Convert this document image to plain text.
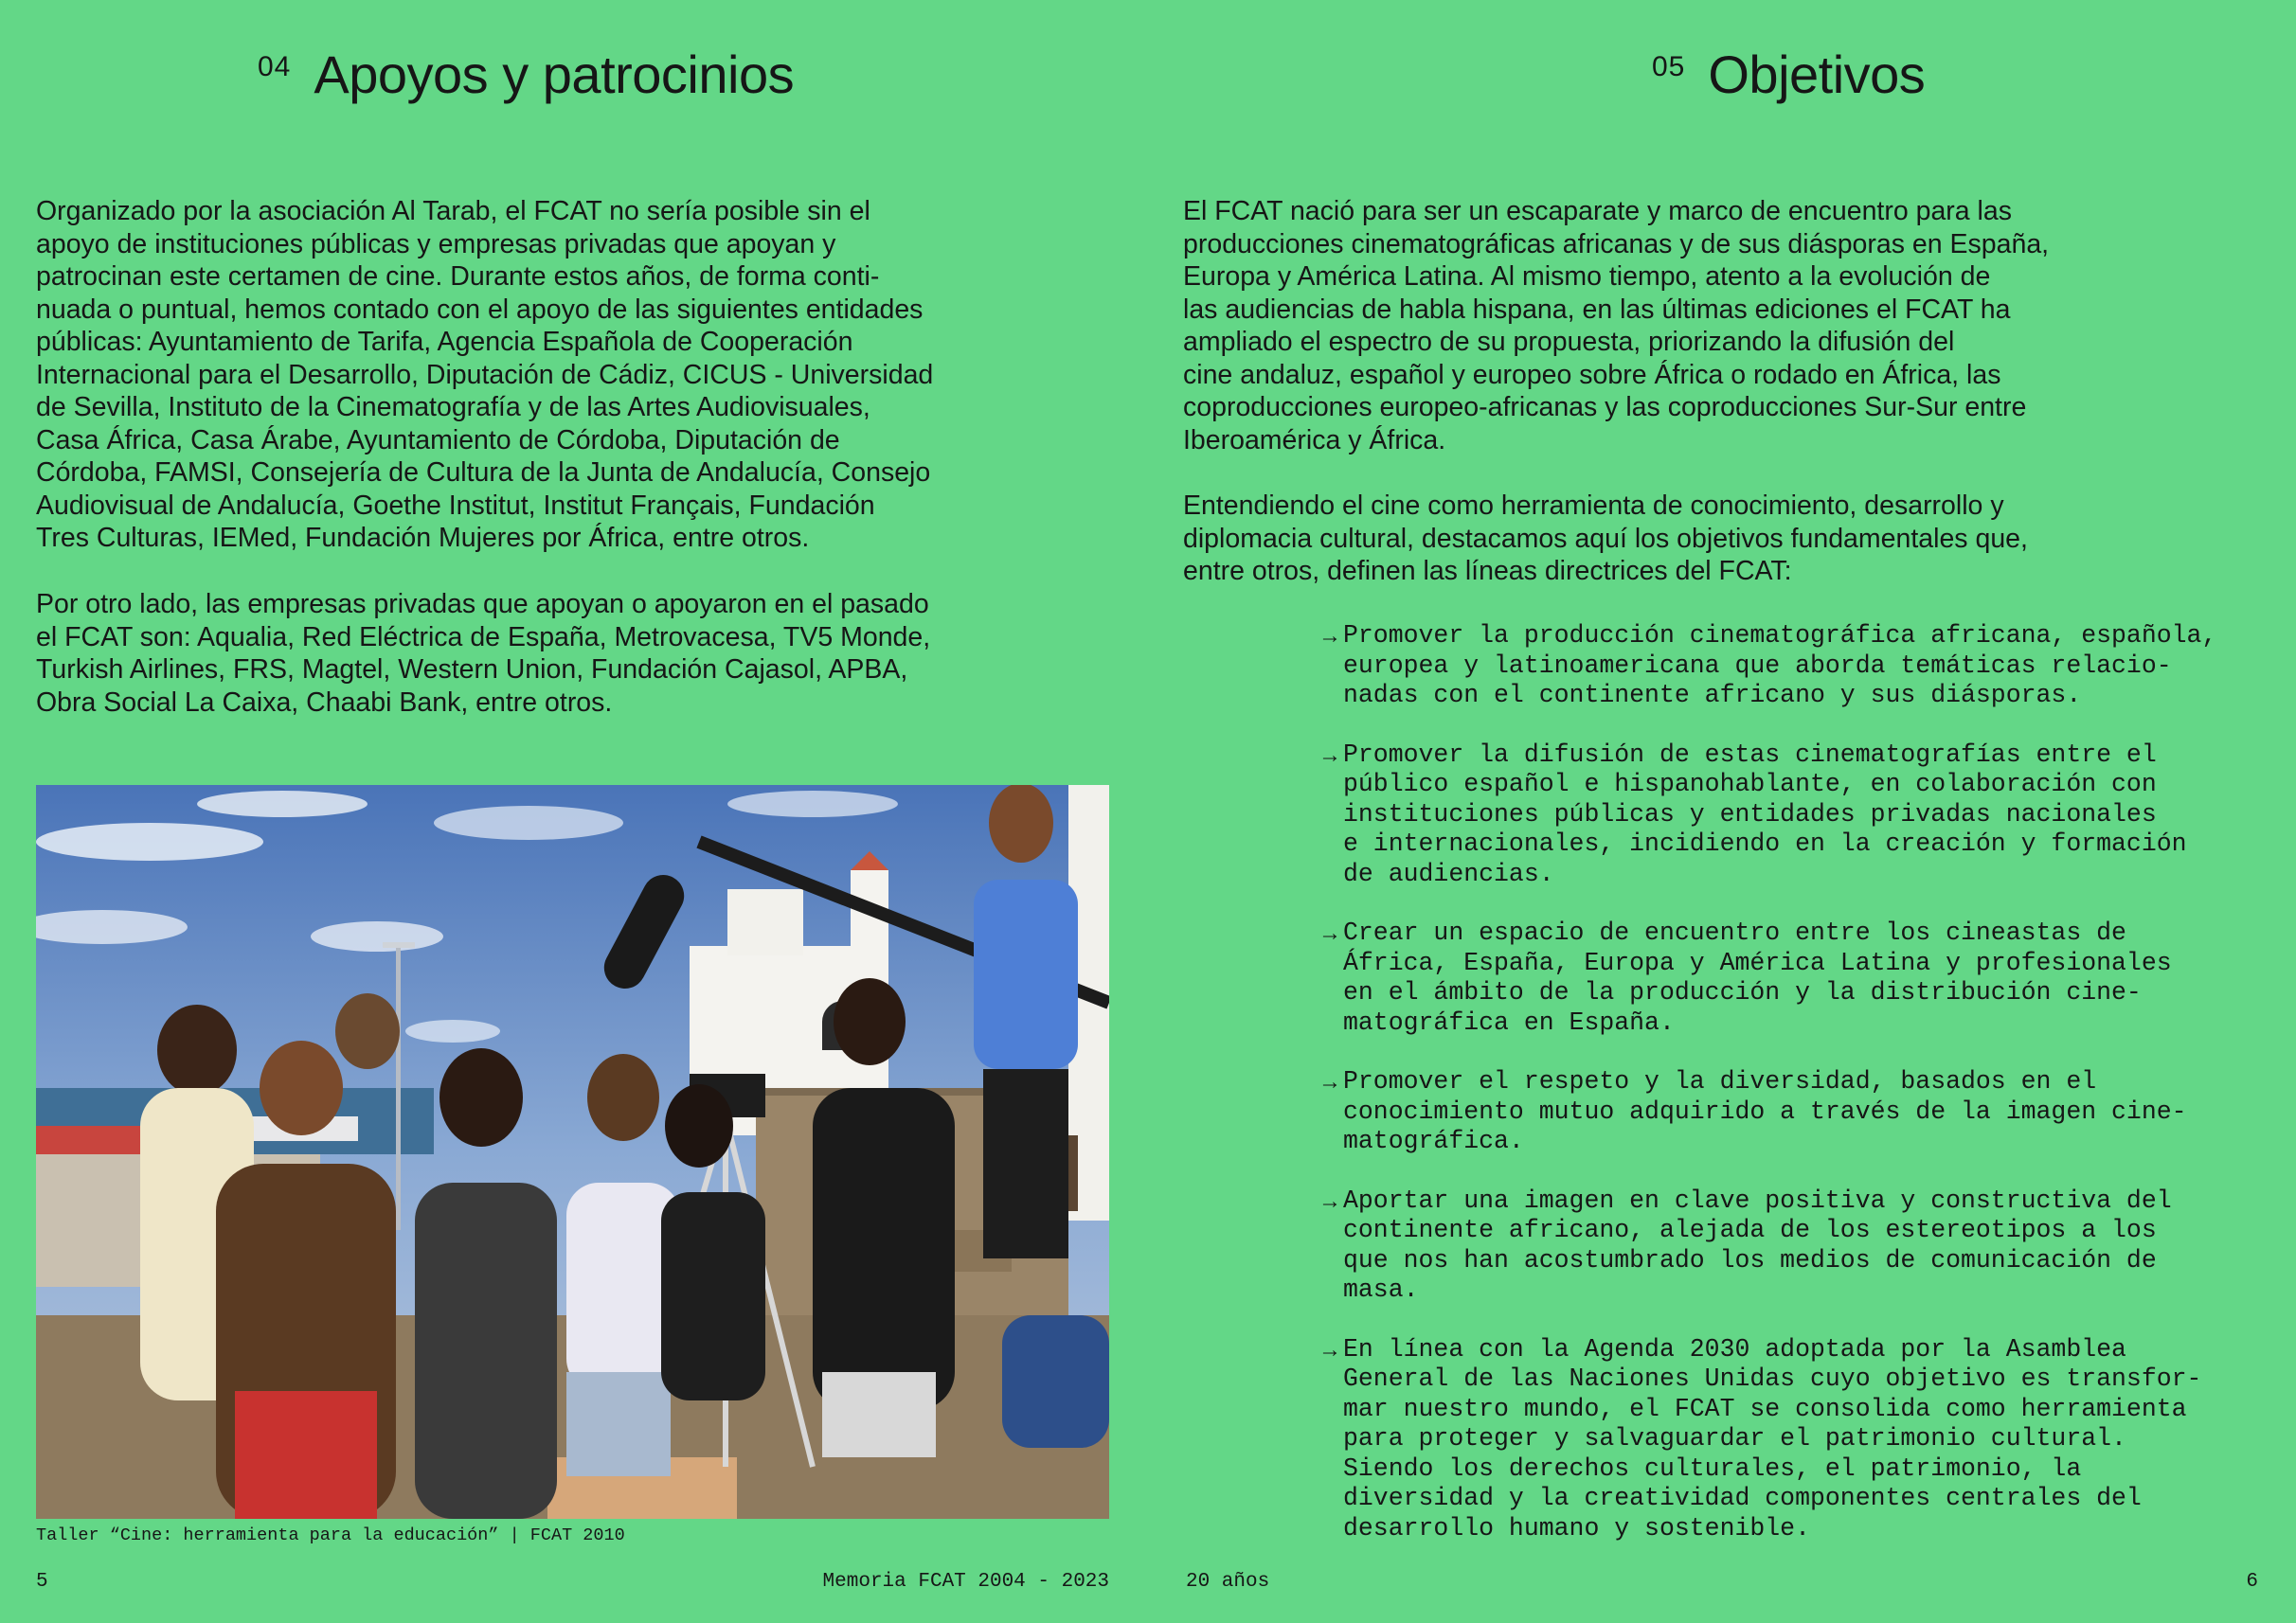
04 Apoyos y patrocinios

Organizado por la asociación Al Tarab, el FCAT no sería posible sin el
apoyo de instituciones públicas y empresas privadas que apoyan y
patrocinan este certamen de cine. Durante estos años, de forma conti-
nuada o puntual, hemos contado con el apoyo de las siguientes entidades
públicas: Ayuntamiento de Tarifa, Agencia Española de Cooperación
Internacional para el Desarrollo, Diputación de Cádiz, CICUS - Universidad
de Sevilla, Instituto de la Cinematografía y de las Artes Audiovisuales,
Casa África, Casa Árabe, Ayuntamiento de Córdoba, Diputación de
Córdoba, FAMSI, Consejería de Cultura de la Junta de Andalucía, Consejo
Audiovisual de Andalucía, Goethe Institut, Institut Français, Fundación
Tres Culturas, IEMed, Fundación Mujeres por África, entre otros.

Por otro lado, las empresas privadas que apoyan o apoyaron en el pasado
el FCAT son: Aqualia, Red Eléctrica de España, Metrovacesa, TV5 Monde,
Turkish Airlines, FRS, Magtel, Western Union, Fundación Cajasol, APBA,
Obra Social La Caixa, Chaabi Bank, entre otros.

Taller “Cine: herramienta para la educación” | FCAT 2010

5	Memoria FCAT 2004 - 2023

05 Objetivos

El FCAT nació para ser un escaparate y marco de encuentro para las
producciones cinematográficas africanas y de sus diásporas en España,
Europa y América Latina. Al mismo tiempo, atento a la evolución de
las audiencias de habla hispana, en las últimas ediciones el FCAT ha
ampliado el espectro de su propuesta, priorizando la difusión del
cine andaluz, español y europeo sobre África o rodado en África, las
coproducciones europeo-africanas y las coproducciones Sur-Sur entre
Iberoamérica y África.

Entendiendo el cine como herramienta de conocimiento, desarrollo y
diplomacia cultural, destacamos aquí los objetivos fundamentales que,
entre otros, definen las líneas directrices del FCAT:

→ Promover la producción cinematográfica africana, española,
europea y latinoamericana que aborda temáticas relacio-
nadas con el continente africano y sus diásporas.

→ Promover la difusión de estas cinematografías entre el
público español e hispanohablante, en colaboración con
instituciones públicas y entidades privadas nacionales
e internacionales, incidiendo en la creación y formación
de audiencias.

→ Crear un espacio de encuentro entre los cineastas de
África, España, Europa y América Latina y profesionales
en el ámbito de la producción y la distribución cine-
matográfica en España.

→ Promover el respeto y la diversidad, basados en el
conocimiento mutuo adquirido a través de la imagen cine-
matográfica.

→ Aportar una imagen en clave positiva y constructiva del
continente africano, alejada de los estereotipos a los
que nos han acostumbrado los medios de comunicación de
masa.

→ En línea con la Agenda 2030 adoptada por la Asamblea
General de las Naciones Unidas cuyo objetivo es transfor-
mar nuestro mundo, el FCAT se consolida como herramienta
para proteger y salvaguardar el patrimonio cultural.
Siendo los derechos culturales, el patrimonio, la
diversidad y la creatividad componentes centrales del
desarrollo humano y sostenible.

20 años	6
